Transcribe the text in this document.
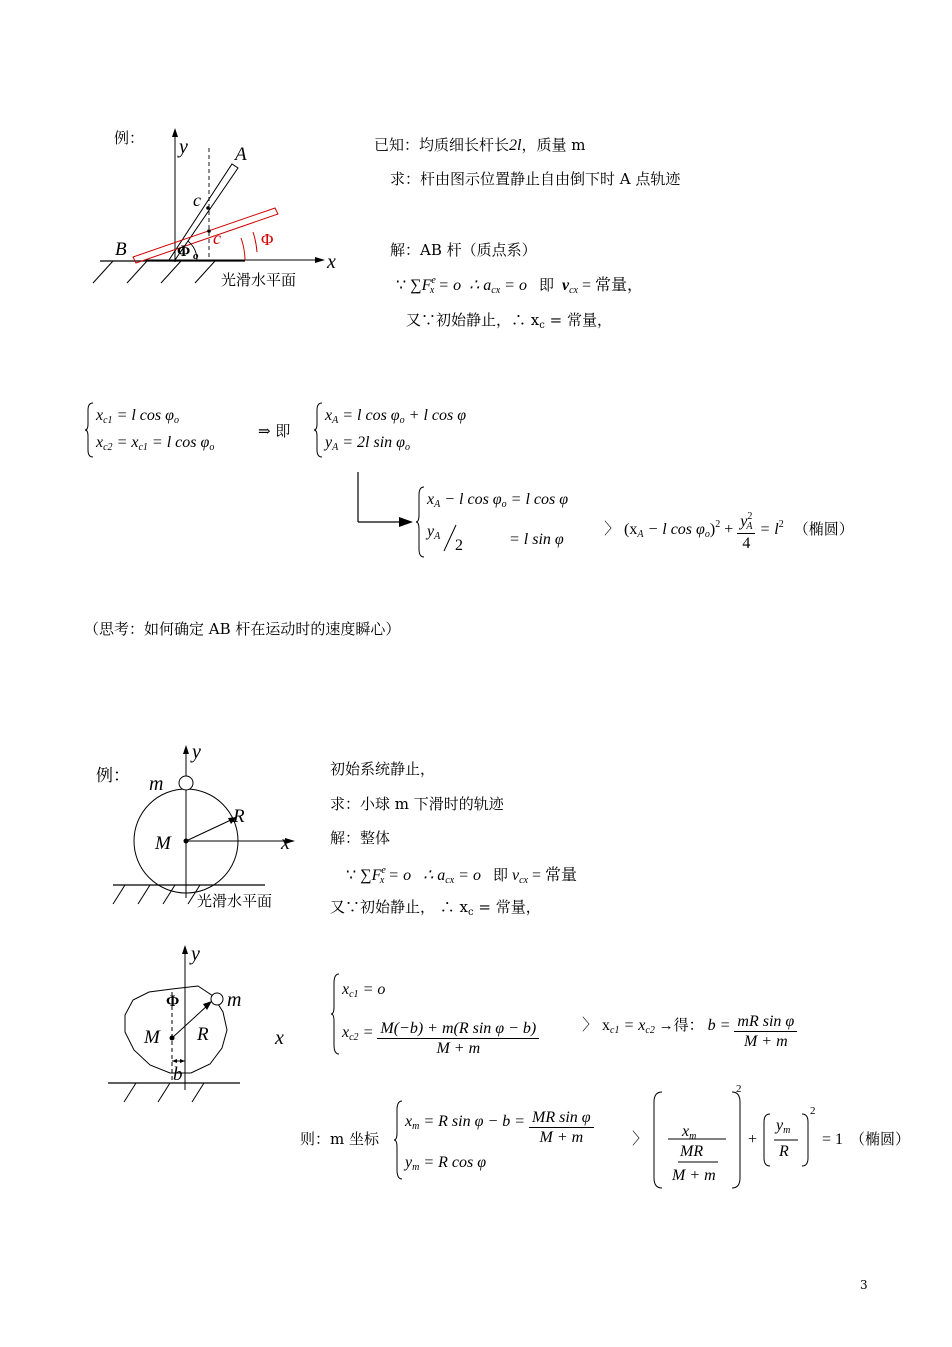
例： y A
B
x
c
c Φ
Φ o
光滑水平面
已知：均质细长杆长2l，质量 m
求：杆由图示位置静止自由倒下时 A 点轨迹
解：AB 杆（质点系）
∵ $\sum F^e_x = o$ ∴ $a_{cx} = o$ 即 $v_{cx}$ = 常量，
又∵初始静止，∴ $x_c$ = 常量，
$x_{c1} = l$ $\cos \varphi_o$
$x_{c2} = x_{c1} = l$ $\cos \varphi_o$
⇒ 即
$x_A = l$ $\cos \varphi_o + l$ cos φ
$y_A = 2l$ $\sin \varphi_o$
$x_A - l$ $\cos \varphi_o = l$ cos φ
$y_A$
2	= l sin φ
〉 ($x_A - l$ $\cos \varphi_o)^2 + \frac{y^2_A}{4} = l^2$ （椭圆）
（思考：如何确定 AB 杆在运动时的速度瞬心）
例：
y
m
R
M	x
光滑水平面
初始系统静止，
求：小球 m 下滑时的轨迹
解：整体
∵ $\sum F^e_x = o$ ∴ $a_{cx} = o$ 即 $v_{cx}$ = 常量
又∵初始静止， ∴ $x_c$ = 常量，
y
m
R
M	x
Φ
b
$x_{c1} = o$
$x_{c2} = \frac{\text{M(−b) + m(R sin φ − b)}}{M + m}$	〉 $x_{c1} = x_{c2}$ →得： $b = \frac{\text{mR sin φ}}{M + m}$
则：m 坐标
$x_m = R$ $\sin \varphi - b = \frac{\text{MR sin φ}}{M + m}$
$y_m = R$ cos φ
〉 $x_m$
MR
M + m
2
+
$y_m$
R
2
= 1 （椭圆）
3
